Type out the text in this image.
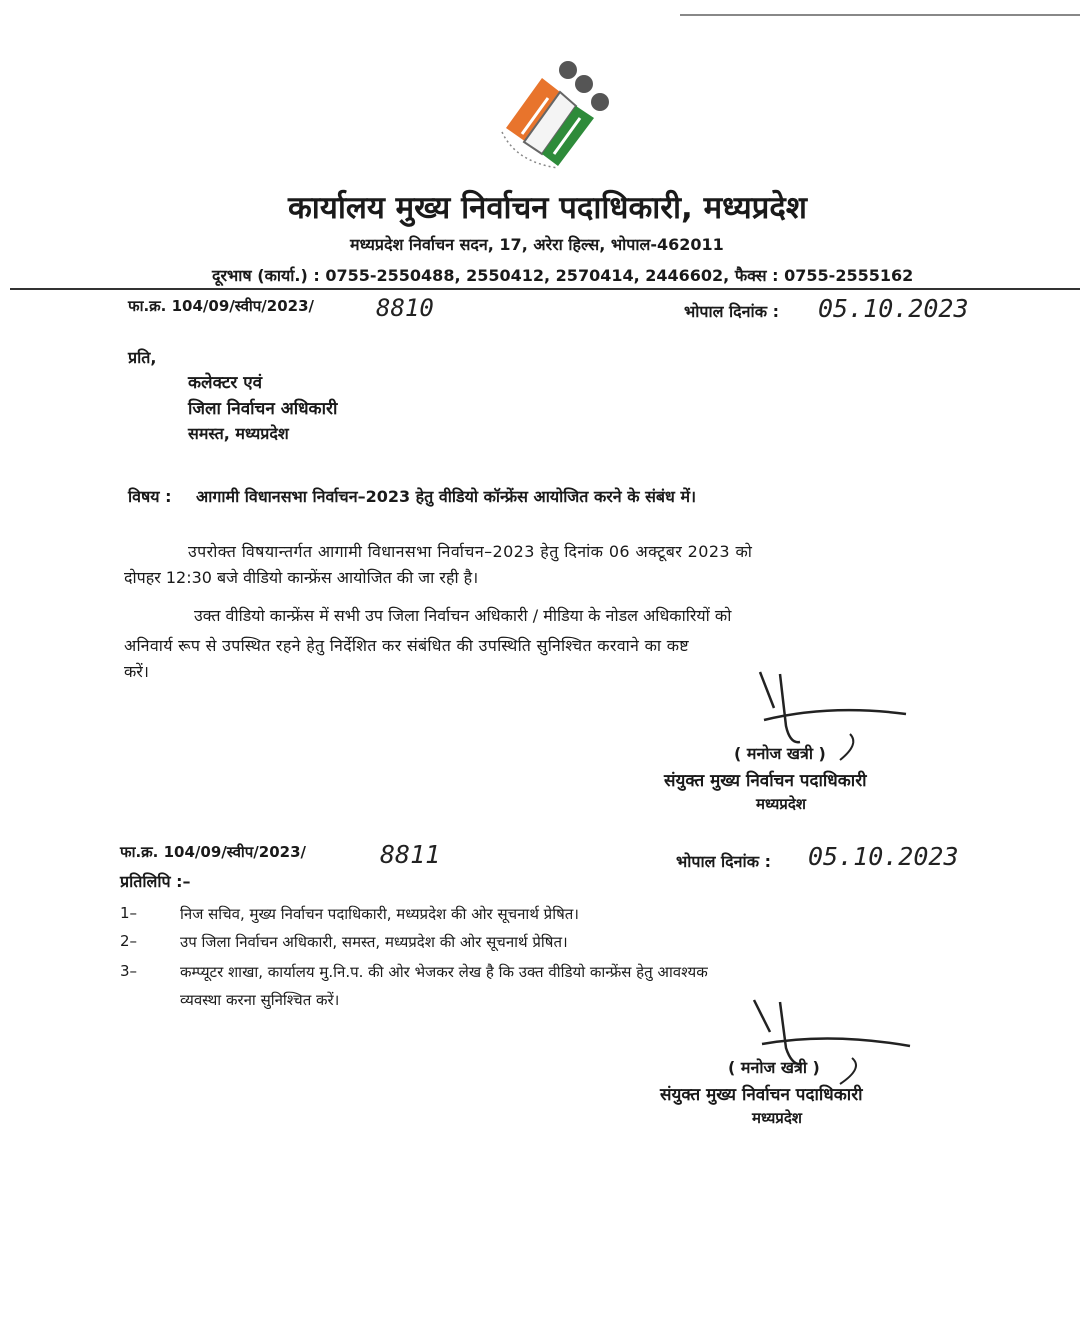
कार्यालय मुख्य निर्वाचन पदाधिकारी, मध्यप्रदेश
मध्यप्रदेश निर्वाचन सदन, 17, अरेरा हिल्स, भोपाल-462011
दूरभाष (कार्या.) : 0755-2550488, 2550412, 2570414, 2446602, फैक्स : 0755-2555162
फा.क्र. 104/09/स्वीप/2023/	8810	भोपाल दिनांक : 05.10.2023
प्रति,
कलेक्टर एवं
जिला निर्वाचन अधिकारी
समस्त, मध्यप्रदेश
विषय : आगामी विधानसभा निर्वाचन–2023 हेतु वीडियो कॉन्फ्रेंस आयोजित करने के संबंध में।
उपरोक्त विषयान्तर्गत आगामी विधानसभा निर्वाचन–2023 हेतु दिनांक 06 अक्टूबर 2023 को
दोपहर 12:30 बजे वीडियो कान्फ्रेंस आयोजित की जा रही है।
उक्त वीडियो कान्फ्रेंस में सभी उप जिला निर्वाचन अधिकारी / मीडिया के नोडल अधिकारियों को
अनिवार्य रूप से उपस्थित रहने हेतु निर्देशित कर संबंधित की उपस्थिति सुनिश्चित करवाने का कष्ट
करें।
( मनोज खत्री )
संयुक्त मुख्य निर्वाचन पदाधिकारी
मध्यप्रदेश
फा.क्र. 104/09/स्वीप/2023/	8811	भोपाल दिनांक : 05.10.2023
प्रतिलिपि :–
1–	निज सचिव, मुख्य निर्वाचन पदाधिकारी, मध्यप्रदेश की ओर सूचनार्थ प्रेषित।
2–	उप जिला निर्वाचन अधिकारी, समस्त, मध्यप्रदेश की ओर सूचनार्थ प्रेषित।
3–	कम्प्यूटर शाखा, कार्यालय मु.नि.प. की ओर भेजकर लेख है कि उक्त वीडियो कान्फ्रेंस हेतु आवश्यक
व्यवस्था करना सुनिश्चित करें।
( मनोज खत्री )
संयुक्त मुख्य निर्वाचन पदाधिकारी
मध्यप्रदेश
